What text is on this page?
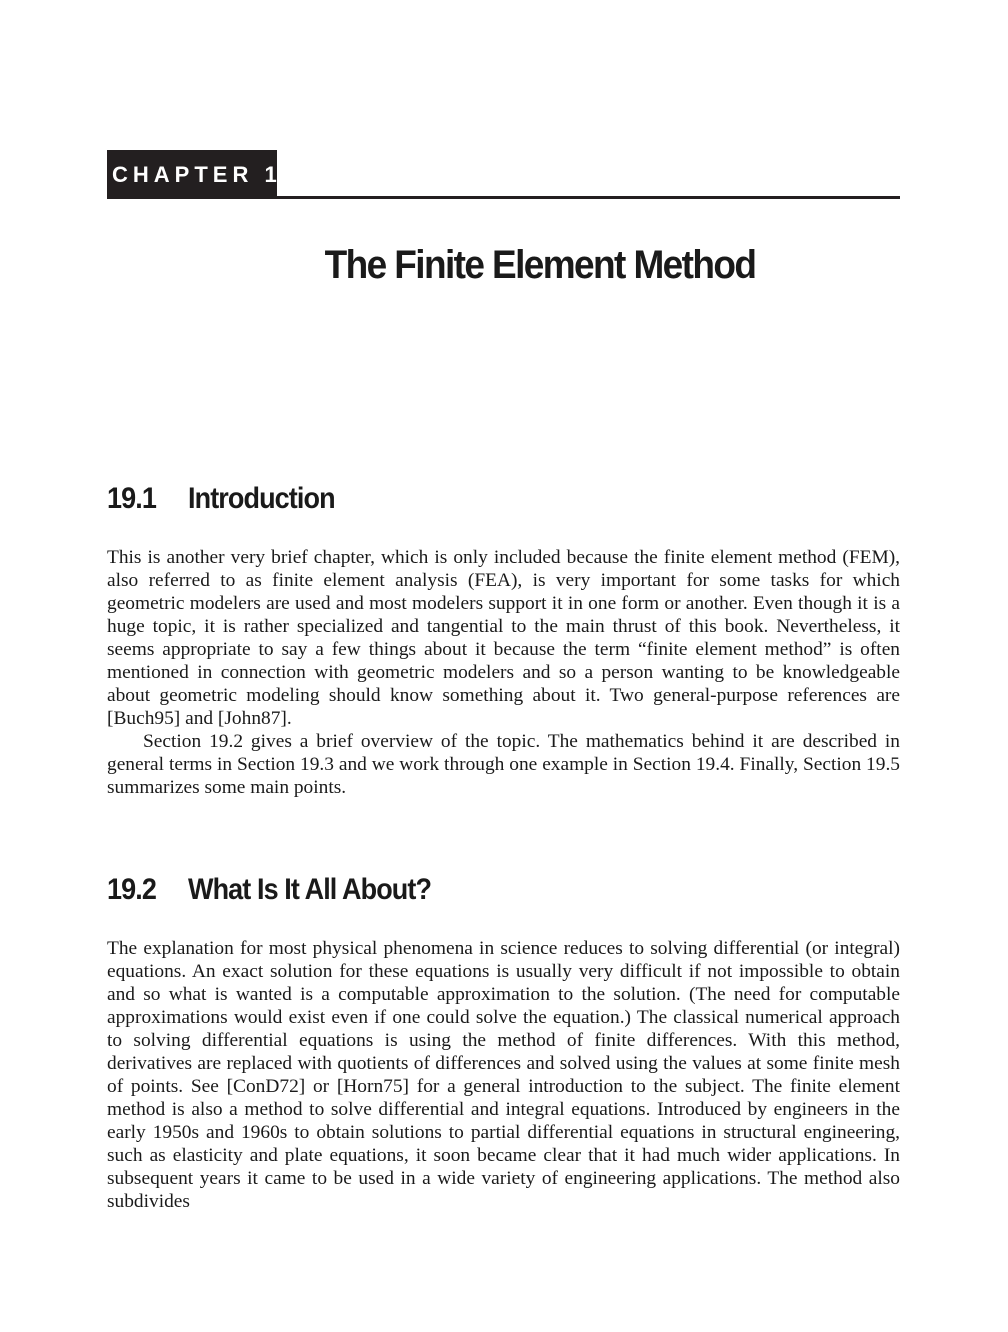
CHAPTER 19
The Finite Element Method
19.1 Introduction

This is another very brief chapter, which is only included because the finite element method (FEM), also referred to as finite element analysis (FEA), is very important for some tasks for which geometric modelers are used and most modelers support it in one form or another. Even though it is a huge topic, it is rather specialized and tangential to the main thrust of this book. Nevertheless, it seems appropriate to say a few things about it because the term “finite element method” is often mentioned in connection with geometric modelers and so a person wanting to be knowledgeable about geometric modeling should know something about it. Two general-purpose references are [Buch95] and [John87].

Section 19.2 gives a brief overview of the topic. The mathematics behind it are described in general terms in Section 19.3 and we work through one example in Section 19.4. Finally, Section 19.5 summarizes some main points.

19.2 What Is It All About?

The explanation for most physical phenomena in science reduces to solving differential (or integral) equations. An exact solution for these equations is usually very difficult if not impossible to obtain and so what is wanted is a computable approximation to the solution. (The need for computable approximations would exist even if one could solve the equation.) The classical numerical approach to solving differential equations is using the method of finite differences. With this method, derivatives are replaced with quotients of differences and solved using the values at some finite mesh of points. See [ConD72] or [Horn75] for a general introduction to the subject. The finite element method is also a method to solve differential and integral equations. Introduced by engineers in the early 1950s and 1960s to obtain solutions to partial differential equations in structural engineering, such as elasticity and plate equations, it soon became clear that it had much wider applications. In subsequent years it came to be used in a wide variety of engineering applications. The method also subdivides
